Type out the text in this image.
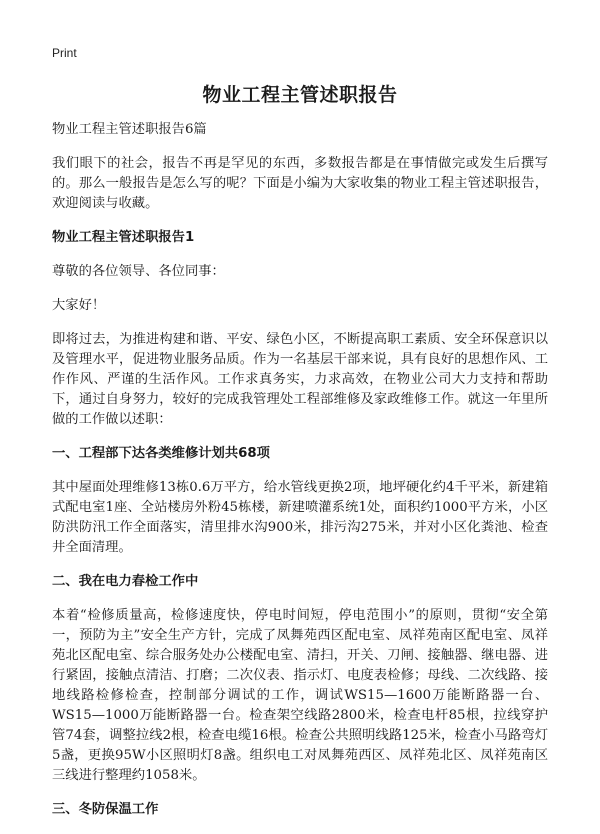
Print
物业工程主管述职报告

物业工程主管述职报告6篇

我们眼下的社会，报告不再是罕见的东西，多数报告都是在事情做完或发生后撰写的。那么一般报告是怎么写的呢？下面是小编为大家收集的物业工程主管述职报告，欢迎阅读与收藏。

物业工程主管述职报告1

尊敬的各位领导、各位同事：

大家好！

即将过去，为推进构建和谐、平安、绿色小区，不断提高职工素质、安全环保意识以及管理水平，促进物业服务品质。作为一名基层干部来说，具有良好的思想作风、工作作风、严谨的生活作风。工作求真务实，力求高效，在物业公司大力支持和帮助下，通过自身努力，较好的完成我管理处工程部维修及家政维修工作。就这一年里所做的工作做以述职：

一、工程部下达各类维修计划共68项

其中屋面处理维修13栋0.6万平方，给水管线更换2项，地坪硬化约4千平米，新建箱式配电室1座、全站楼房外粉45栋楼，新建喷灌系统1处，面积约1000平方米，小区防洪防汛工作全面落实，清里排水沟900米，排污沟275米，并对小区化粪池、检查井全面清理。

二、我在电力春检工作中

本着“检修质量高，检修速度快，停电时间短，停电范围小”的原则，贯彻“安全第一，预防为主”安全生产方针，完成了凤舞苑西区配电室、凤祥苑南区配电室、凤祥苑北区配电室、综合服务处办公楼配电室、清扫，开关、刀闸、接触器、继电器、进行紧固，接触点清洁、打磨；二次仪表、指示灯、电度表检修；母线、二次线路、接地线路检修检查，控制部分调试的工作，调试WS15—1600万能断路器一台、WS15—1000万能断路器一台。检查架空线路2800米，检查电杆85根，拉线穿护管74套，调整拉线2根，检查电缆16根。检查公共照明线路125米，检查小马路弯灯5盏，更换95W小区照明灯8盏。组织电工对凤舞苑西区、凤祥苑北区、凤祥苑南区三线进行整理约1058米。

三、冬防保温工作
